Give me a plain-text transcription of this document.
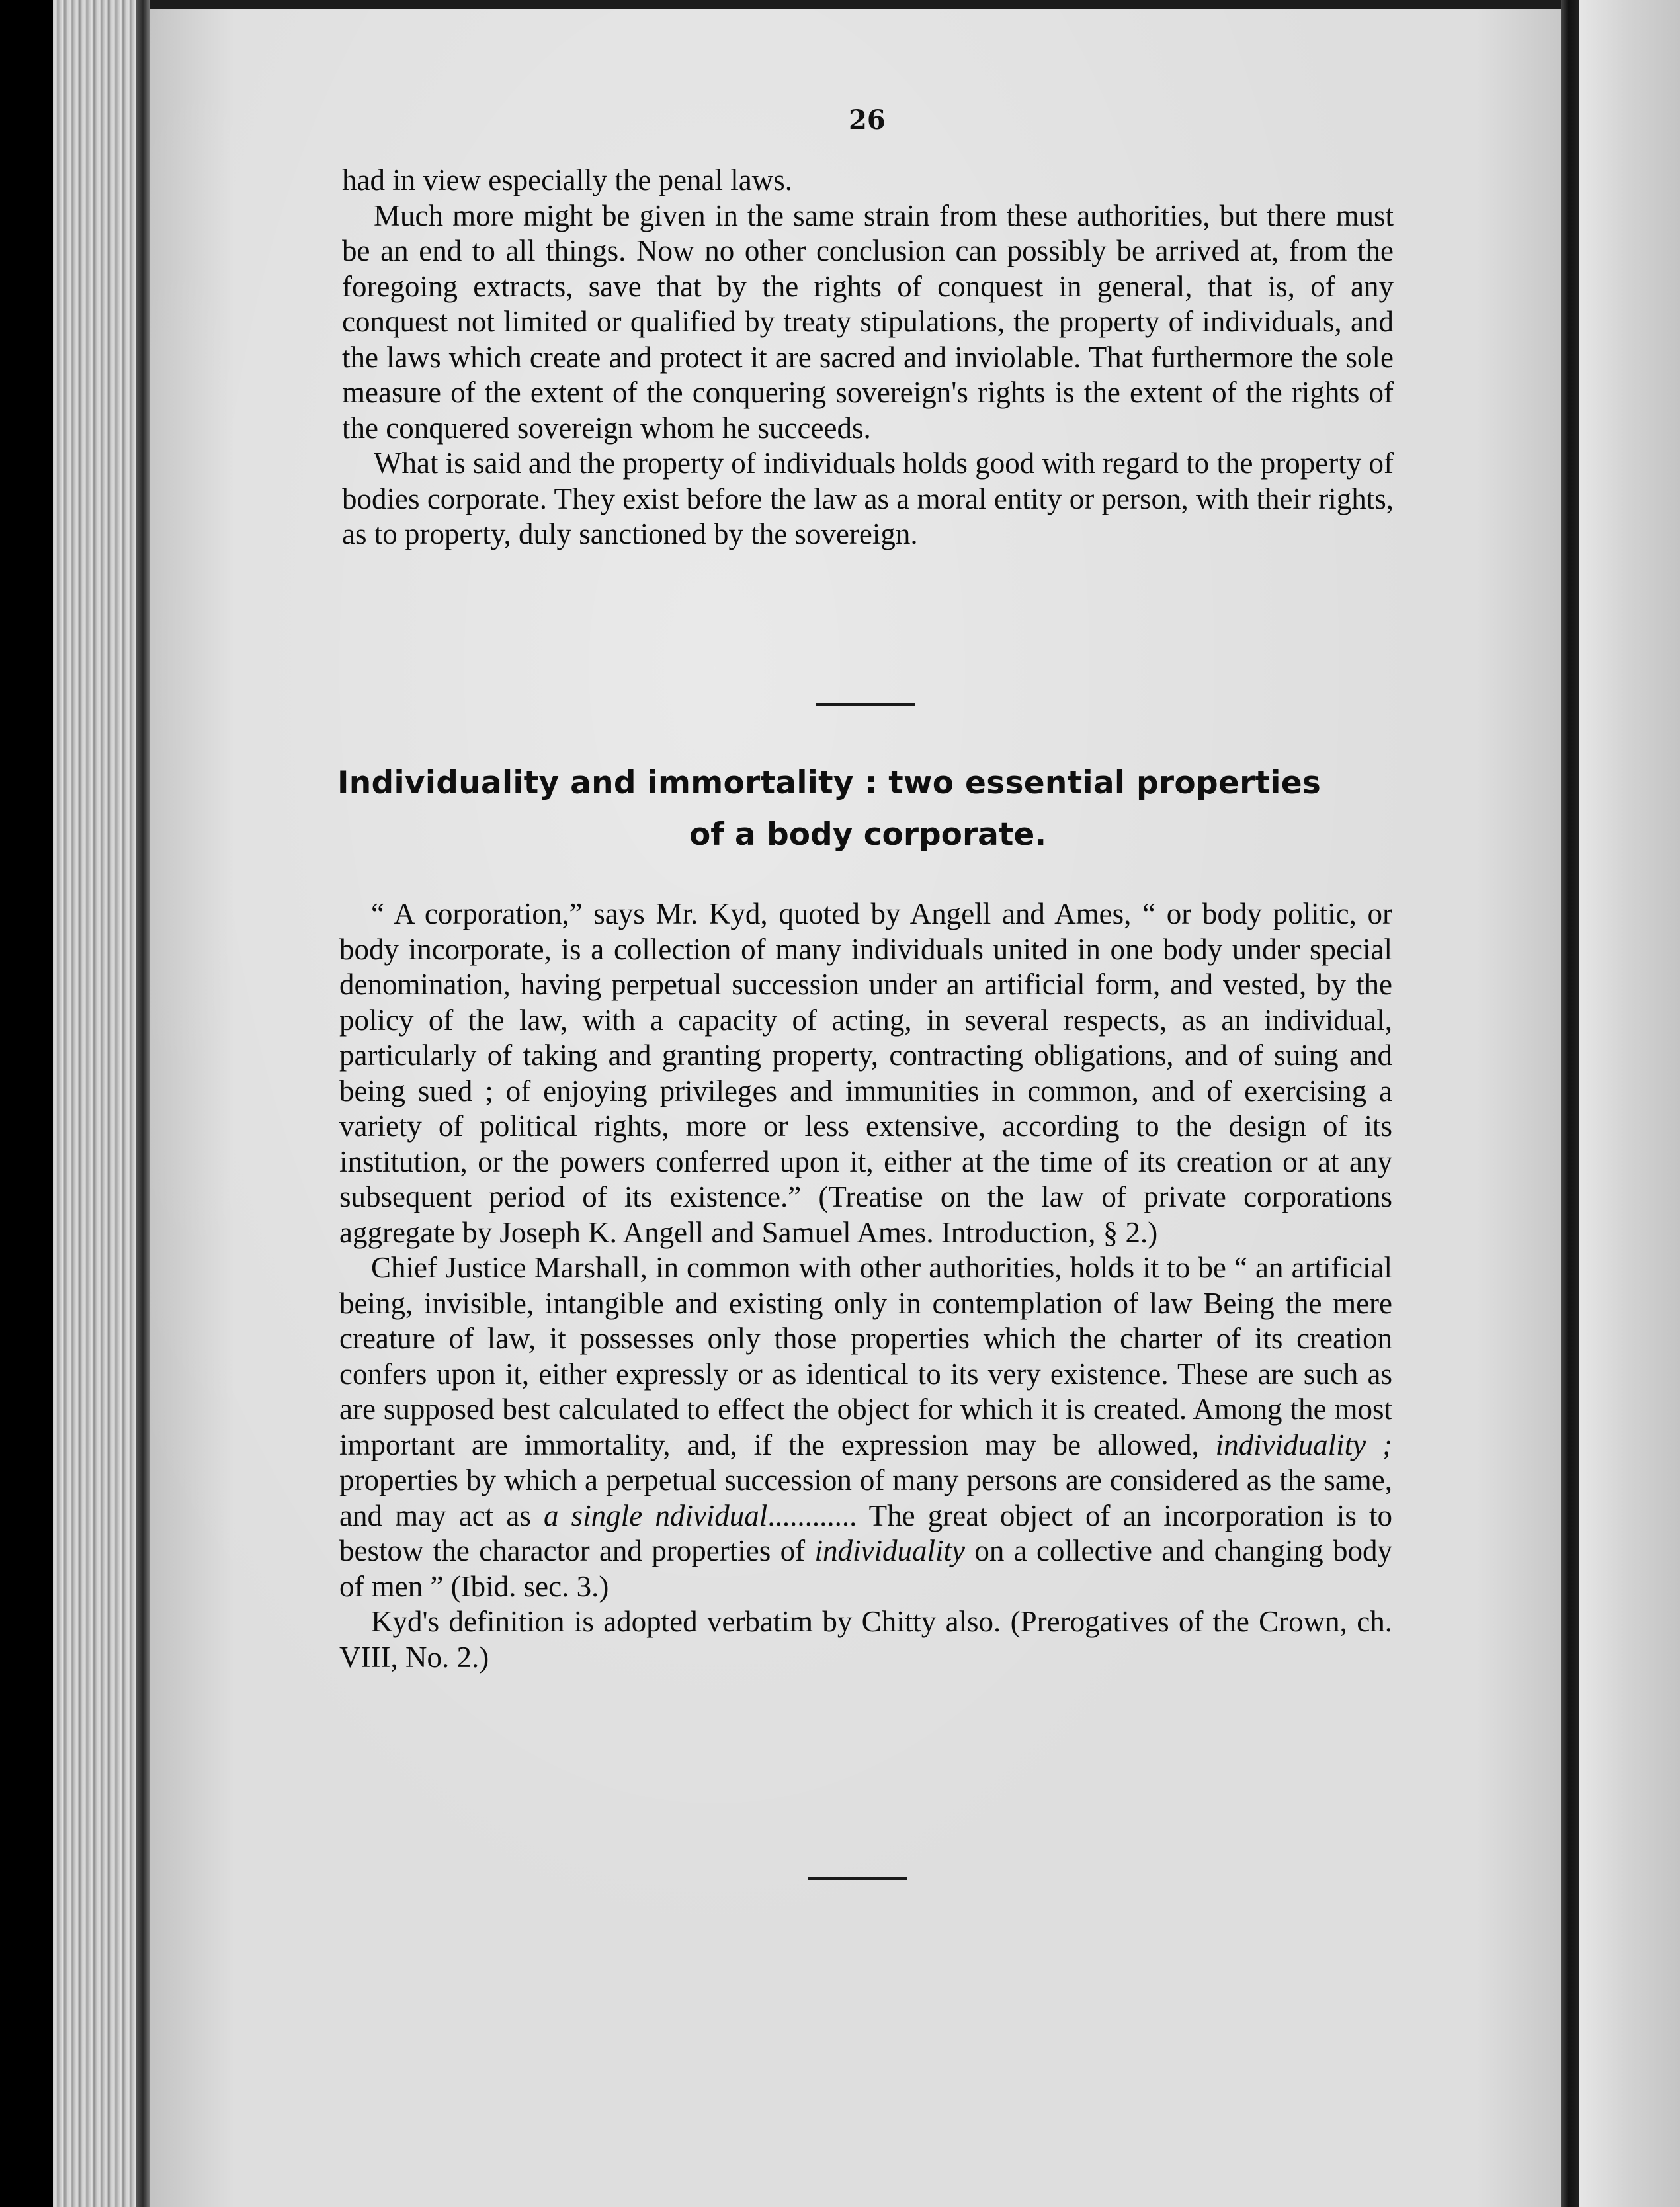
26

had in view especially the penal laws.

Much more might be given in the same strain from these authorities, but there must be an end to all things. Now no other conclusion can possibly be arrived at, from the foregoing extracts, save that by the rights of conquest in general, that is, of any conquest not limited or qualified by treaty stipulations, the property of individuals, and the laws which create and protect it are sacred and inviolable. That furthermore the sole measure of the extent of the conquering sovereign's rights is the extent of the rights of the conquered sovereign whom he succeeds.

What is said and the property of individuals holds good with regard to the property of bodies corporate. They exist before the law as a moral entity or person, with their rights, as to property, duly sanctioned by the sovereign.

Individuality and immortality : two essential properties
of a body corporate.

“ A corporation,” says Mr. Kyd, quoted by Angell and Ames, “ or body politic, or body incorporate, is a collection of many individuals united in one body under special denomination, having perpetual succession under an artificial form, and vested, by the policy of the law, with a capacity of acting, in several respects, as an individual, particularly of taking and granting property, contracting obligations, and of suing and being sued ; of enjoying privileges and immunities in common, and of exercising a variety of political rights, more or less extensive, according to the design of its institution, or the powers conferred upon it, either at the time of its creation or at any subsequent period of its existence.” (Treatise on the law of private corporations aggregate by Joseph K. Angell and Samuel Ames. Introduction, § 2.)

Chief Justice Marshall, in common with other authorities, holds it to be “ an artificial being, invisible, intangible and existing only in contemplation of law Being the mere creature of law, it possesses only those properties which the charter of its creation confers upon it, either expressly or as identical to its very existence. These are such as are supposed best calculated to effect the object for which it is created. Among the most important are immortality, and, if the expression may be allowed, individuality ; properties by which a perpetual succession of many persons are considered as the same, and may act as a single ndividual............ The great object of an incorporation is to bestow the charactor and properties of individuality on a collective and changing body of men ” (Ibid. sec. 3.)

Kyd's definition is adopted verbatim by Chitty also. (Prerogatives of the Crown, ch. VIII, No. 2.)
